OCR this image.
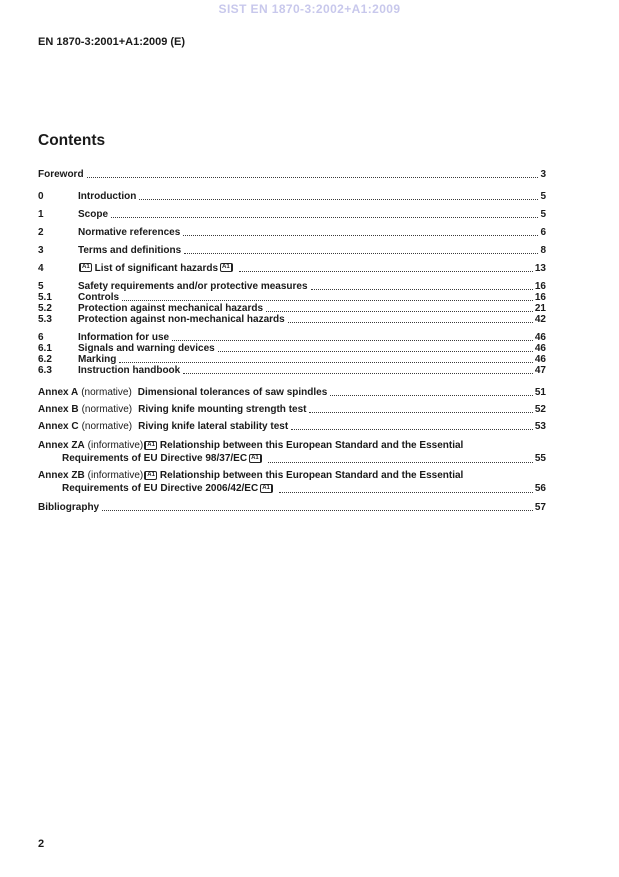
SIST EN 1870-3:2002+A1:2009
EN 1870-3:2001+A1:2009 (E)
Contents
Foreword	3
0	Introduction	5
1	Scope	5
2	Normative references	6
3	Terms and definitions	8
4	A1 List of significant hazards A1	13
5	Safety requirements and/or protective measures	16
5.1	Controls	16
5.2	Protection against mechanical hazards	21
5.3	Protection against non-mechanical hazards	42
6	Information for use	46
6.1	Signals and warning devices	46
6.2	Marking	46
6.3	Instruction handbook	47
Annex A (normative) Dimensional tolerances of saw spindles	51
Annex B (normative) Riving knife mounting strength test	52
Annex C (normative) Riving knife lateral stability test	53
Annex ZA (informative) A1 Relationship between this European Standard and the Essential
Requirements of EU Directive 98/37/EC A1	55
Annex ZB (informative) A1 Relationship between this European Standard and the Essential
Requirements of EU Directive 2006/42/EC A1	56
Bibliography	57
2
